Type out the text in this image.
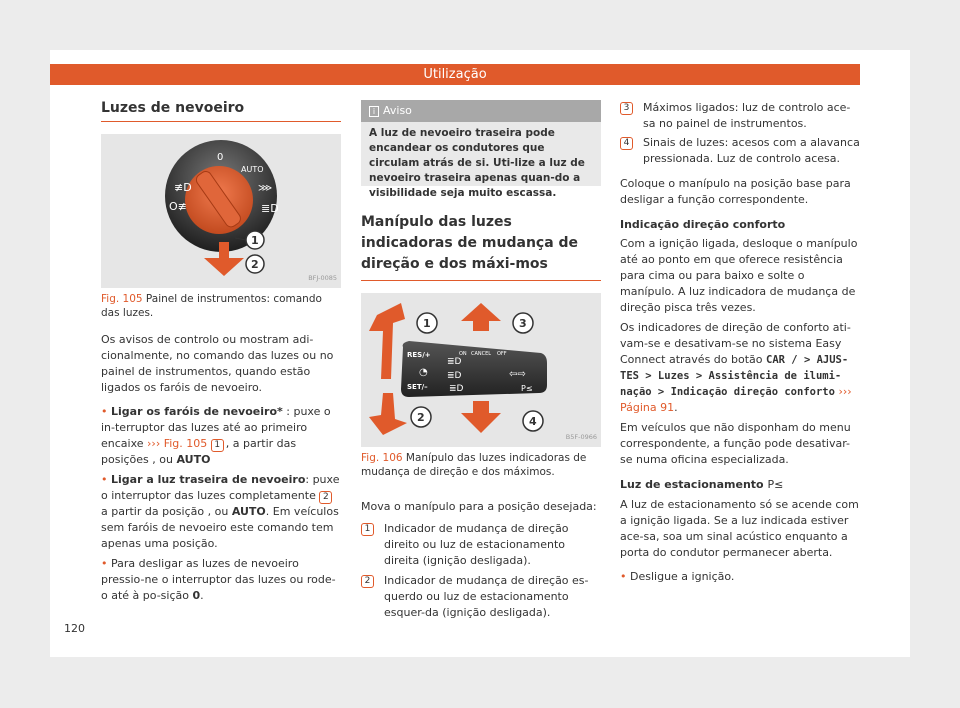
Utilização
Luzes de nevoeiro
0
AUTO
≢D
O≢
⋙
≣D
1
2
BFJ-0085
Fig. 105 Painel de instrumentos: comando das luzes.

Os avisos de controlo ou mostram adi-cionalmente, no comando das luzes ou no painel de instrumentos, quando estão ligados os faróis de nevoeiro.

• Ligar os faróis de nevoeiro* : puxe o in-terruptor das luzes até ao primeiro encaixe ››› Fig. 105 1 , a partir das posições , ou AUTO

• Ligar a luz traseira de nevoeiro: puxe o interruptor das luzes completamente 2 a partir da posição , ou AUTO. Em veículos sem faróis de nevoeiro este comando tem apenas uma posição.

• Para desligar as luzes de nevoeiro pressio-ne o interruptor das luzes ou rode-o até à po-sição 0.

120
i Aviso

A luz de nevoeiro traseira pode encandear os condutores que circulam atrás de si. Uti-lize a luz de nevoeiro traseira apenas quan-do a visibilidade seja muito escassa.

Manípulo das luzes indicadoras de mudança de direção e dos máxi-mos
RES/+
SET/–
ON CANCEL OFF
◔
≣D
≣D
≣D
⇦⇨
P≤
1
2
3
4
B5F-0966
Fig. 106 Manípulo das luzes indicadoras de mudança de direção e dos máximos.

Mova o manípulo para a posição desejada:

1	Indicador de mudança de direção direito ou luz de estacionamento direita (ignição desligada).

2	Indicador de mudança de direção es-querdo ou luz de estacionamento esquer-da (ignição desligada).

3	Máximos ligados: luz de controlo ace-sa no painel de instrumentos.

4	Sinais de luzes: acesos com a alavanca pressionada. Luz de controlo acesa.

Coloque o manípulo na posição base para desligar a função correspondente.

Indicação direção conforto

Com a ignição ligada, desloque o manípulo até ao ponto em que oferece resistência para cima ou para baixo e solte o manípulo. A luz indicadora de mudança de direção pisca três vezes.

Os indicadores de direção de conforto ati-vam-se e desativam-se no sistema Easy Connect através do botão CAR / > AJUS-TES > Luzes > Assistência de ilumi-nação > Indicação direção conforto ››› Página 91.

Em veículos que não disponham do menu correspondente, a função pode desativar-se numa oficina especializada.

Luz de estacionamento P≤

A luz de estacionamento só se acende com a ignição ligada. Se a luz indicada estiver ace-sa, soa um sinal acústico enquanto a porta do condutor permanecer aberta.

• Desligue a ignição.
